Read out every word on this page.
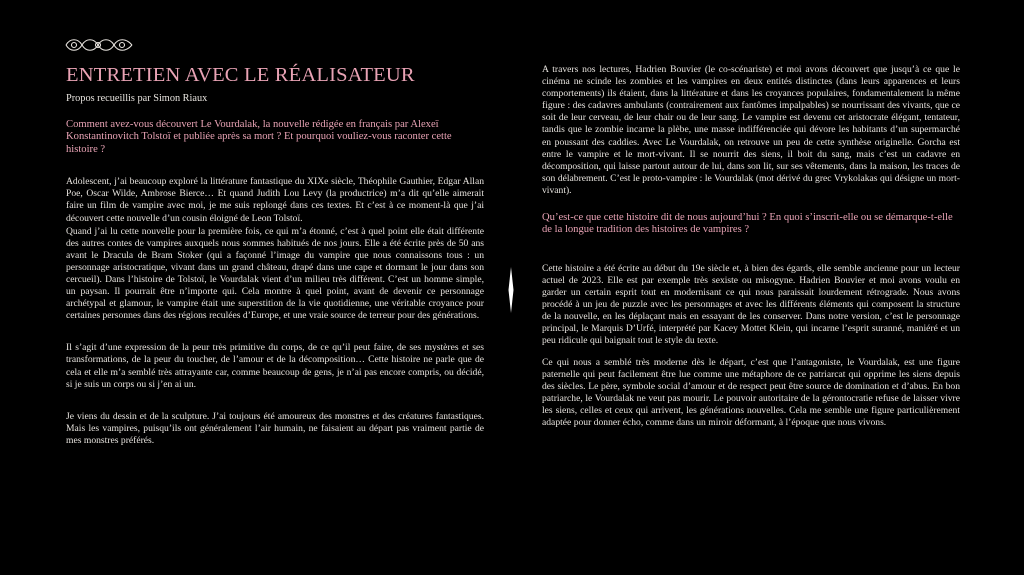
ENTRETIEN AVEC LE RÉALISATEUR
Propos recueillis par Simon Riaux
Comment avez-vous découvert Le Vourdalak, la nouvelle rédigée en français par Alexeï Konstantinovitch Tolstoï et publiée après sa mort ? Et pourquoi vouliez-vous raconter cette histoire ?

Adolescent, j’ai beaucoup exploré la littérature fantastique du XIXe siècle, Théophile Gauthier, Edgar Allan Poe, Oscar Wilde, Ambrose Bierce… Et quand Judith Lou Levy (la productrice) m’a dit qu’elle aimerait faire un film de vampire avec moi, je me suis replongé dans ces textes. Et c’est à ce moment-là que j’ai découvert cette nouvelle d’un cousin éloigné de Leon Tolstoï.

Quand j’ai lu cette nouvelle pour la première fois, ce qui m’a étonné, c’est à quel point elle était différente des autres contes de vampires auxquels nous sommes habitués de nos jours. Elle a été écrite près de 50 ans avant le Dracula de Bram Stoker (qui a façonné l’image du vampire que nous connaissons tous : un personnage aristocratique, vivant dans un grand château, drapé dans une cape et dormant le jour dans son cercueil). Dans l’histoire de Tolstoï, le Vourdalak vient d’un milieu très différent. C’est un homme simple, un paysan. Il pourrait être n’importe qui. Cela montre à quel point, avant de devenir ce personnage archétypal et glamour, le vampire était une superstition de la vie quotidienne, une véritable croyance pour certaines personnes dans des régions reculées d’Europe, et une vraie source de terreur pour des générations.

Il s’agit d’une expression de la peur très primitive du corps, de ce qu’il peut faire, de ses mystères et ses transformations, de la peur du toucher, de l’amour et de la décomposition… Cette histoire ne parle que de cela et elle m’a semblé très attrayante car, comme beaucoup de gens, je n’ai pas encore compris, ou décidé, si je suis un corps ou si j’en ai un.

Je viens du dessin et de la sculpture. J’ai toujours été amoureux des monstres et des créatures fantastiques. Mais les vampires, puisqu’ils ont généralement l’air humain, ne faisaient au départ pas vraiment partie de mes monstres préférés.

A travers nos lectures, Hadrien Bouvier (le co-scénariste) et moi avons découvert que jusqu’à ce que le cinéma ne scinde les zombies et les vampires en deux entités distinctes (dans leurs apparences et leurs comportements) ils étaient, dans la littérature et dans les croyances populaires, fondamentalement la même figure : des cadavres ambulants (contrairement aux fantômes impalpables) se nourrissant des vivants, que ce soit de leur cerveau, de leur chair ou de leur sang. Le vampire est devenu cet aristocrate élégant, tentateur, tandis que le zombie incarne la plèbe, une masse indifférenciée qui dévore les habitants d’un supermarché en poussant des caddies. Avec Le Vourdalak, on retrouve un peu de cette synthèse originelle. Gorcha est entre le vampire et le mort-vivant. Il se nourrit des siens, il boit du sang, mais c’est un cadavre en décomposition, qui laisse partout autour de lui, dans son lit, sur ses vêtements, dans la maison, les traces de son délabrement. C’est le proto-vampire : le Vourdalak (mot dérivé du grec Vrykolakas qui désigne un mort-vivant).

Qu’est-ce que cette histoire dit de nous aujourd’hui ? En quoi s’inscrit-elle ou se démarque-t-elle de la longue tradition des histoires de vampires ?

Cette histoire a été écrite au début du 19e siècle et, à bien des égards, elle semble ancienne pour un lecteur actuel de 2023. Elle est par exemple très sexiste ou misogyne. Hadrien Bouvier et moi avons voulu en garder un certain esprit tout en modernisant ce qui nous paraissait lourdement rétrograde. Nous avons procédé à un jeu de puzzle avec les personnages et avec les différents éléments qui composent la structure de la nouvelle, en les déplaçant mais en essayant de les conserver. Dans notre version, c’est le personnage principal, le Marquis D’Urfé, interprété par Kacey Mottet Klein, qui incarne l’esprit suranné, maniéré et un peu ridicule qui baignait tout le style du texte.

Ce qui nous a semblé très moderne dès le départ, c’est que l’antagoniste, le Vourdalak, est une figure paternelle qui peut facilement être lue comme une métaphore de ce patriarcat qui opprime les siens depuis des siècles. Le père, symbole social d’amour et de respect peut être source de domination et d’abus. En bon patriarche, le Vourdalak ne veut pas mourir. Le pouvoir autoritaire de la gérontocratie refuse de laisser vivre les siens, celles et ceux qui arrivent, les générations nouvelles. Cela me semble une figure particulièrement adaptée pour donner écho, comme dans un miroir déformant, à l’époque que nous vivons.
